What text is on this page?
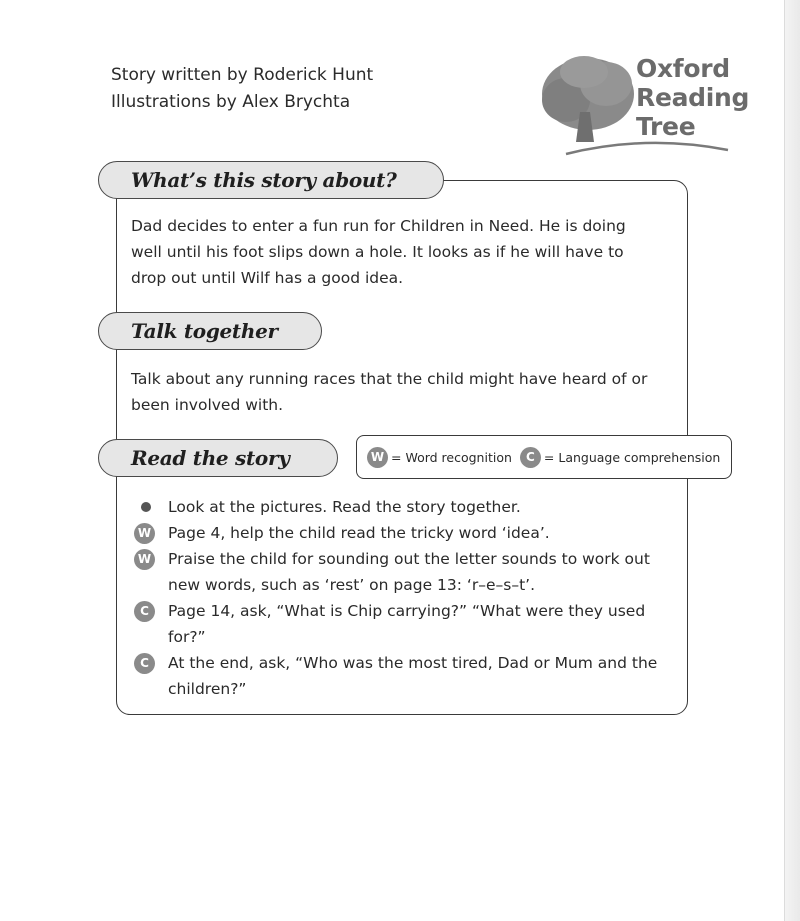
Story written by Roderick Hunt
Illustrations by Alex Brychta
Oxford
Reading
Tree
What’s this story about?
Dad decides to enter a fun run for Children in Need. He is doing
well until his foot slips down a hole. It looks as if he will have to
drop out until Wilf has a good idea.
Talk together
Talk about any running races that the child might have heard of or
been involved with.
Read the story	W = Word recognition	C = Language comprehension
Look at the pictures. Read the story together.
W Page 4, help the child read the tricky word ‘idea’.
W Praise the child for sounding out the letter sounds to work out
new words, such as ‘rest’ on page 13: ‘r–e–s–t’.
C	Page 14, ask, “What is Chip carrying?” “What were they used
for?”
C	At the end, ask, “Who was the most tired, Dad or Mum and the
children?”
